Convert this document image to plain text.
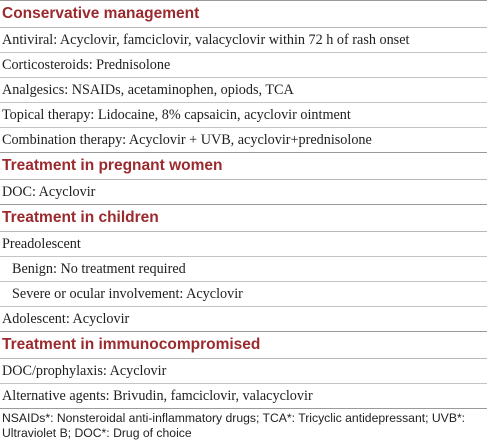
Conservative management
Antiviral: Acyclovir, famciclovir, valacyclovir within 72 h of rash onset
Corticosteroids: Prednisolone
Analgesics: NSAIDs, acetaminophen, opiods, TCA
Topical therapy: Lidocaine, 8% capsaicin, acyclovir ointment
Combination therapy: Acyclovir + UVB, acyclovir+prednisolone
Treatment in pregnant women
DOC: Acyclovir
Treatment in children
Preadolescent
Benign: No treatment required
Severe or ocular involvement: Acyclovir
Adolescent: Acyclovir
Treatment in immunocompromised
DOC/prophylaxis: Acyclovir
Alternative agents: Brivudin, famciclovir, valacyclovir
NSAIDs*: Nonsteroidal anti-inflammatory drugs; TCA*: Tricyclic antidepressant; UVB*: Ultraviolet B; DOC*: Drug of choice
